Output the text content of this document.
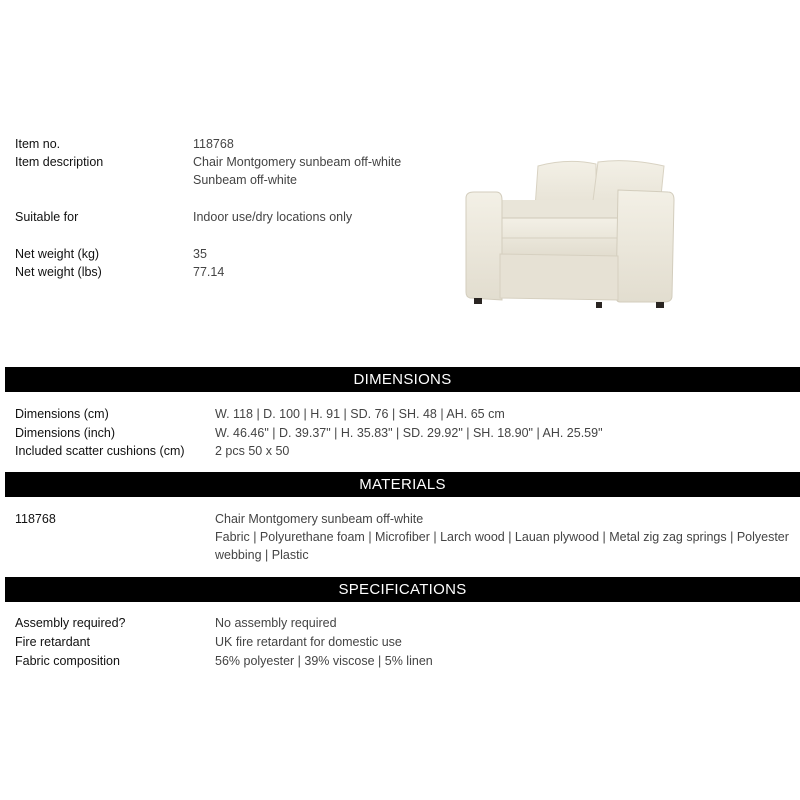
Item no.	118768
Item description	Chair Montgomery sunbeam off-white
Sunbeam off-white
Suitable for	Indoor use/dry locations only
Net weight (kg)	35
Net weight (lbs)	77.14
DIMENSIONS
Dimensions (cm)	W. 118 | D. 100 | H. 91 | SD. 76 | SH. 48 | AH. 65 cm
Dimensions (inch)	W. 46.46" | D. 39.37" | H. 35.83" | SD. 29.92" | SH. 18.90" | AH. 25.59"
Included scatter cushions (cm) 2 pcs 50 x 50
MATERIALS
118768	Chair Montgomery sunbeam off-white
Fabric | Polyurethane foam | Microfiber | Larch wood | Lauan plywood | Metal zig zag springs | Polyester webbing | Plastic
SPECIFICATIONS
Assembly required?	No assembly required
Fire retardant	UK fire retardant for domestic use
Fabric composition	56% polyester | 39% viscose | 5% linen
